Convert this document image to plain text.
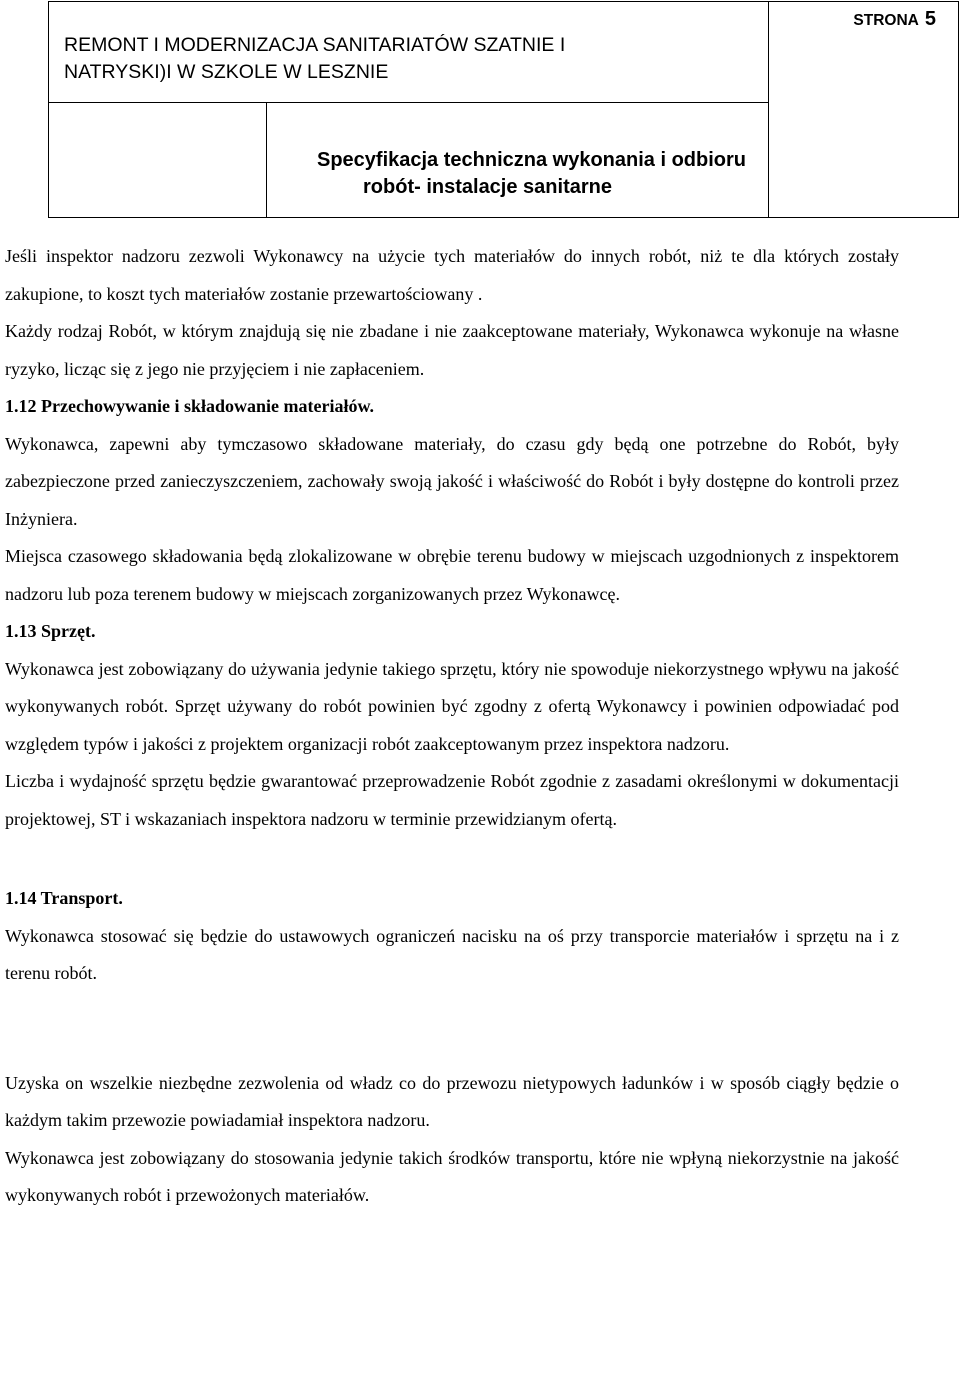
REMONT I MODERNIZACJA SANITARIATÓW SZATNIE I
NATRYSKI)I W SZKOLE W LESZNIE		STRONA 5

	Specyfikacja techniczna wykonania i odbioru
robót- instalacje sanitarne	

Jeśli inspektor nadzoru zezwoli Wykonawcy na użycie tych materiałów do innych robót, niż te dla których zostały zakupione, to koszt tych materiałów zostanie przewartościowany .

Każdy rodzaj Robót, w którym znajdują się nie zbadane i nie zaakceptowane materiały, Wykonawca wykonuje na własne ryzyko, licząc się z jego nie przyjęciem i nie zapłaceniem.

1.12 Przechowywanie i składowanie materiałów.

Wykonawca, zapewni aby tymczasowo składowane materiały, do czasu gdy będą one potrzebne do Robót, były zabezpieczone przed zanieczyszczeniem, zachowały swoją jakość i właściwość do Robót i były dostępne do kontroli przez Inżyniera.

Miejsca czasowego składowania będą zlokalizowane w obrębie terenu budowy w miejscach uzgodnionych z inspektorem nadzoru lub poza terenem budowy w miejscach zorganizowanych przez Wykonawcę.

1.13 Sprzęt.

Wykonawca jest zobowiązany do używania jedynie takiego sprzętu, który nie spowoduje niekorzystnego wpływu na jakość wykonywanych robót. Sprzęt używany do robót powinien być zgodny z ofertą Wykonawcy i powinien odpowiadać pod względem typów i jakości z projektem organizacji robót zaakceptowanym przez inspektora nadzoru.

Liczba i wydajność sprzętu będzie gwarantować przeprowadzenie Robót zgodnie z zasadami określonymi w dokumentacji projektowej, ST i wskazaniach inspektora nadzoru w terminie przewidzianym ofertą.

1.14 Transport.

Wykonawca stosować się będzie do ustawowych ograniczeń nacisku na oś przy transporcie materiałów i sprzętu na i z terenu robót.

Uzyska on wszelkie niezbędne zezwolenia od władz co do przewozu nietypowych ładunków i w sposób ciągły będzie o każdym takim przewozie powiadamiał inspektora nadzoru.

Wykonawca jest zobowiązany do stosowania jedynie takich środków transportu, które nie wpłyną niekorzystnie na jakość wykonywanych robót i przewożonych materiałów.
